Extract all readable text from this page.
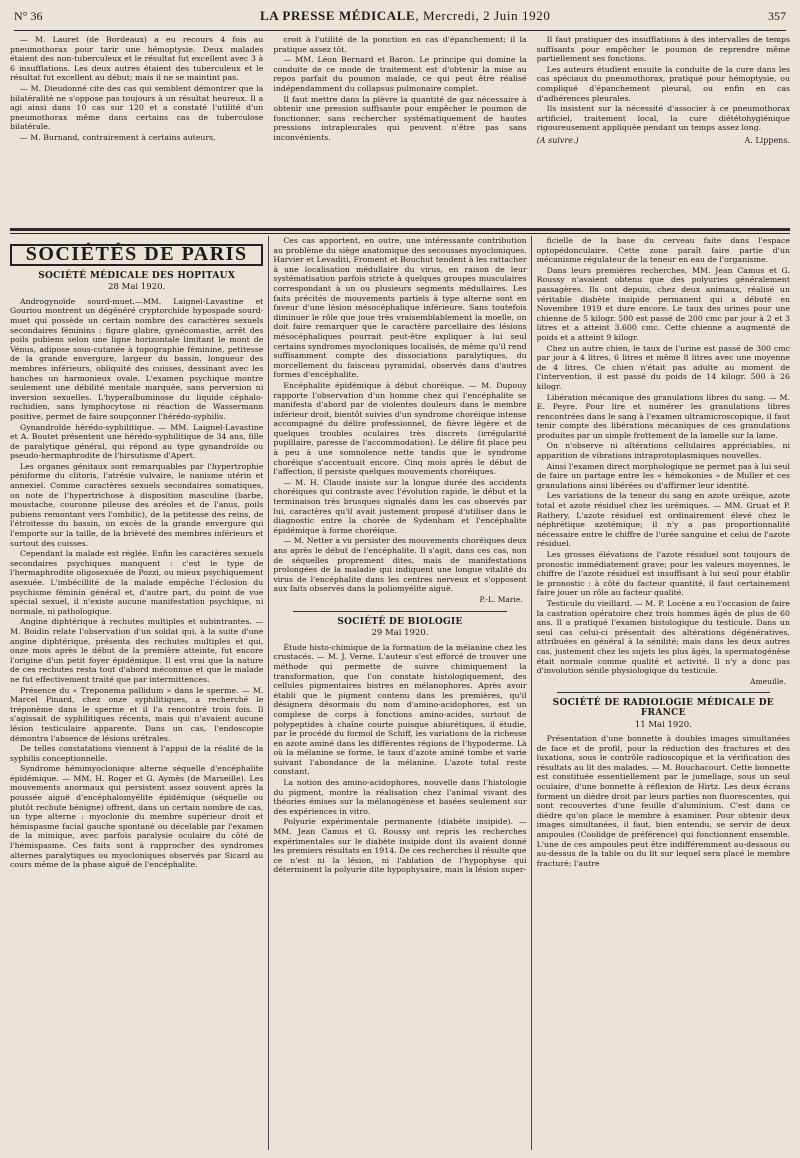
N° 36	LA PRESSE MÉDICALE, Mercredi, 2 Juin 1920	357

— M. Lauret (de Bordeaux) a eu recours 4 fois au pneumothorax pour tarir une hémoptysie. Deux malades étaient des non-tuberculeux et le résultat fut excellent avec 3 à 6 insufflations. Les deux autres étaient des tuberculeux et le résultat fut excellent au début; mais il ne se maintint pas.

— M. Dieudonné cite des cas qui semblent démontrer que la bilatéralité ne s'oppose pas toujours à un résultat heureux. Il a agi ainsi dans 10 cas sur 120 et a constaté l'utilité d'un pneumothorax même dans certains cas de tuberculose bilatérale.

— M. Burnand, contrairement à certains auteurs,

croit à l'utilité de la ponction en cas d'épanchement; il la pratique assez tôt.

— MM. Léon Bernard et Baron. Le principe qui domine la conduite de ce mode de traitement est d'obtenir la mise au repos parfait du poumon malade, ce qui peut être réalisé indépendamment du collapsus pulmonaire complet.

Il faut mettre dans la plèvre la quantité de gaz nécessaire à obtenir une pression suffisante pour empêcher le poumon de fonctionner, sans rechercher systématiquement de hautes pressions intrapleurales qui peuvent n'être pas sans inconvénients.

Il faut pratiquer des insufflations à des intervalles de temps suffisants pour empêcher le poumon de reprendre même partiellement ses fonctions.

Les auteurs étudient ensuite la conduite de la cure dans les cas spéciaux du pneumothorax, pratiqué pour hémoptysie, ou compliqué d'épanchement pleural, ou enfin en cas d'adhérences pleurales.

Ils insistent sur la nécessité d'associer à ce pneumothorax artificiel, traitement local, la cure diététohygiénique rigoureusement appliquée pendant un temps assez long.

(A suivre.)	A. Lippens.
SOCIÉTÉS DE PARIS
SOCIÉTÉ MÉDICALE DES HOPITAUX
28 Mai 1920.

Androgynoïde sourd-muet.—MM. Laignel-Lavastine et Gouriou montrent un dégénéré cryptorchide hypospade sourd-muet qui possède un certain nombre des caractères sexuels secondaires féminins : figure glabre, gynécomastie, arrêt des poils pubiens selon une ligne horizontale limitant le mont de Vénus, adipose sous-cutanée à topographie féminine, petitesse de la grande envergure, largeur du bassin, longueur des membres inférieurs, obliquité des cuisses, dessinant avec les hanches un harmonieux ovale. L'examen psychique montre seulement une débilité mentale marquée, sans perversion ni inversion sexuelles. L'hyperalbuminose du liquide céphalo-rachidien, sans lymphocytose ni réaction de Wassermann positive, permet de faire soupçonner l'hérédo-syphilis.

Gynandroïde hérédo-syphilitique. — MM. Laignel-Lavastine et A. Boutet présentent une hérédo-syphilitique de 34 ans, fille de paralytique général, qui répond au type gynandroïde ou pseudo-hermaphrodite de l'hirsutisme d'Apert.

Les organes génitaux sont remarquables par l'hypertrophie péniforme du clitoris, l'atrésie vulvaire, le nanisme utérin et annexiel. Comme caractères sexuels secondaires somatiques, on note de l'hypertrichose à disposition masculine (barbe, moustache, couronne pileuse des aréoles et de l'anus, poils pubiens remontant vers l'ombilic), de la petitesse des reins, de l'étroitesse du bassin, un excès de la grande envergure qui l'emporte sur la taille, de la brièveté des membres inférieurs et surtout des cuisses.

Cependant la malade est réglée. Enfin les caractères sexuels secondaires psychiques manquent : c'est le type de l'hermaphrodite oligosexuée de Pozzi, ou mieux psychiquement asexuée. L'imbécillité de la malade empêche l'éclosion du psychisme féminin général et, d'autre part, du point de vue spécial sexuel, il n'existe aucune manifestation psychique, ni normale, ni pathologique.

Angine diphtérique à rechutes multiples et subintrantes. — M. Boidin relate l'observation d'un soldat qui, à la suite d'une angine diphtérique, présenta des rechutes multiples et qui, onze mois après le début de la première atteinte, fut encore l'origine d'un petit foyer épidémique. Il est vrai que la nature de ces rechutes resta tout d'abord méconnue et que le malade ne fut effectivement traité que par intermittences.

Présence du « Treponema pallidum » dans le sperme. — M. Marcel Pinard, chez onze syphilitiques, a recherché le tréponème dans le sperme et il l'a rencontré trois fois. Il s'agissait de syphilitiques récents, mais qui n'avaient aucune lésion testiculaire apparente. Dans un cas, l'endoscopie démontra l'absence de lésions urétrales.

De telles constatations viennent à l'appui de la réalité de la syphilis conceptionnelle.

Syndrome hémimyoclonique alterne séquelle d'encéphalite épidémique. — MM. H. Roger et G. Aymès (de Marseille). Les mouvements anormaux qui persistent assez souvent après la poussée aiguë d'encéphalomyélite épidémique (séquelle ou plutôt rechute bénigne) offrent, dans un certain nombre de cas, un type alterne : myoclonie du membre supérieur droit et hémispasme facial gauche spontané ou décelable par l'examen de la mimique, avec parfois paralysie oculaire du côté de l'hémispasme. Ces faits sont à rapprocher des syndromes alternes paralytiques ou myocloniques observés par Sicard au cours même de la phase aiguë de l'encéphalite.

Ces cas apportent, en outre, une intéressante contribution au problème du siège anatomique des secousses myocloniques. Harvier et Levaditi, Froment et Bouchut tendent à les rattacher à une localisation médullaire du virus, en raison de leur systématisation parfois stricte à quelques groupes musculaires correspondant à un ou plusieurs segments médullaires. Les faits précités de mouvements partiels à type alterne sont en faveur d'une lésion mésocéphalique inférieure. Sans toutefois diminuer le rôle que joue très vraisemblablement la moelle, on doit faire remarquer que le caractère parcellaire des lésions mésocéphaliques pourrait peut-être expliquer à lui seul certains syndromes myocloniques localisés, de même qu'il rend suffisamment compte des dissociations paralytiques, du morcellement du faisceau pyramidal, observés dans d'autres formes d'encéphalite.

Encéphalite épidémique à début choréique. — M. Dupouy rapporte l'observation d'un homme chez qui l'encéphalite se manifesta d'abord par de violentes douleurs dans le membre inférieur droit, bientôt suivies d'un syndrome choréique intense accompagné du délire professionnel, de fièvre légère et de quelques troubles oculaires très discrets (irrégularité pupillaire, paresse de l'accommodation). Le délire fit place peu à peu à une somnolence nette tandis que le syndrome choréique s'accentuait encore. Cinq mois après le début de l'affection, il persiste quelques mouvements choréiques.

— M. H. Claude insiste sur la longue durée des accidents choréiques qui contraste avec l'évolution rapide, le début et la terminaison très brusques signalés dans les cas observés par lui, caractères qu'il avait justement proposé d'utiliser dans le diagnostic entre la chorée de Sydenham et l'encéphalite épidémique à forme choréique.

— M. Netter a vu persister des mouvements choréiques deux ans après le début de l'encéphalite. Il s'agit, dans ces cas, non de séquelles proprement dites, mais de manifestations prolongées de la maladie qui indiquent une longue vitalité du virus de l'encéphalite dans les centres nerveux et s'opposent aux faits observés dans la poliomyélite aiguë.

P.-L. Marie.
SOCIÉTÉ DE BIOLOGIE
29 Mai 1920.

Étude histo-chimique de la formation de la mélanine chez les crustacés. — M. J. Verne. L'auteur s'est efforcé de trouver une méthode qui permette de suivre chimiquement la transformation, que l'on constate histologiquement, des cellules pigmentaires bistres en mélanophores. Après avoir établi que le pigment contenu dans les premières, qu'il désignera désormais du nom d'amino-acidophores, est un complexe de corps à fonctions amino-acides, surtout de polypeptides à chaîne courte puisque abiurétiques, il étudie, par le procédé du formol de Schiff, les variations de la richesse en azote aminé dans les différentes régions de l'hypoderme. Là où la mélanine se forme, le taux d'azote aminé tombe et varie suivant l'abondance de la mélanine. L'azote total reste constant.

La notion des amino-acidophores, nouvelle dans l'histologie du pigment, montre la réalisation chez l'animal vivant des théories émises sur la mélanogénèse et basées seulement sur des expériences in vitro.

Polyurie expérimentale permanente (diabète insipide). — MM. Jean Camus et G. Roussy ont repris les recherches expérimentales sur le diabète insipide dont ils avaient donné les premiers résultats en 1914. De ces recherches il résulte que ce n'est ni la lésion, ni l'ablation de l'hypophyse qui déterminent la polyurie dite hypophysaire, mais la lésion super-

ficielle de la base du cerveau faite dans l'espace optopédonculaire. Cette zone paraît faire partie d'un mécanisme régulateur de la teneur en eau de l'organisme.

Dans leurs premières recherches, MM. Jean Camus et G. Roussy n'avaient obtenu que des polyuries généralement passagères. Ils ont depuis, chez deux animaux, réalisé un véritable diabète insipide permanent qui a débuté en Novembre 1919 et dure encore. Le taux des urines pour une chienne de 5 kilogr. 500 est passé de 200 cmc par jour à 2 et 3 litres et a atteint 3.600 cmc. Cette chienne a augmenté de poids et a atteint 9 kilogr.

Chez un autre chien, le taux de l'urine est passé de 300 cmc par jour à 4 litres, 6 litres et même 8 litres avec une moyenne de 4 litres. Ce chien n'était pas adulte au moment de l'intervention, il est passé du poids de 14 kilogr. 500 à 26 kilogr.

Libération mécanique des granulations libres du sang. — M. E. Peyre. Pour lire et numérer les granulations libres rencontrées dans le sang à l'examen ultramicroscopique, il faut tenir compte des libérations mécaniques de ces granulations produites par un simple frottement de la lamelle sur la lame.

On n'observe ni altérations cellulaires appréciables, ni apparition de vibrations intraprotoplasmiques nouvelles.

Ainsi l'examen direct morphologique ne permet pas à lui seul de faire un partage entre les « hémokonies » de Muller et ces granulations ainsi libérées ou d'affirmer leur identité.

Les variations de la teneur du sang en azote uréique, azote total et azote résiduel chez les urémiques. — MM. Gruat et P. Rathery. L'azote résiduel est ordinairement élevé chez le néphrétique azotémique; il n'y a pas proportionnalité nécessaire entre le chiffre de l'urée sanguine et celui de l'azote résiduel.

Les grosses élévations de l'azote résiduel sont toujours de pronostic immédiatement grave; pour les valeurs moyennes, le chiffre de l'azote résiduel est insuffisant à lui seul pour établir le pronostic : à côté du facteur quantité, il faut certainement faire jouer un rôle au facteur qualité.

Testicule du vieillard. — M. P. Locène a eu l'occasion de faire la castration opératoire chez trois hommes âgés de plus de 60 ans. Il a pratiqué l'examen histologique du testicule. Dans un seul cas celui-ci présentait des altérations dégénératives, attribuées en général à la sénilité; mais dans les deux autres cas, justement chez les sujets les plus âgés, la spermatogénèse était normale comme qualité et activité. Il n'y a donc pas d'involution sénile physiologique du testicule.

Ameuille.
SOCIÉTÉ DE RADIOLOGIE MÉDICALE DE FRANCE
11 Mai 1920.

Présentation d'une bonnette à doubles images simultanées de face et de profil, pour la réduction des fractures et des luxations, sous le contrôle radioscopique et la vérification des résultats au lit des malades. — M. Bouchacourt. Cette bonnette est constituée essentiellement par le jumellage, sous un seul oculaire, d'une bonnette à réflexion de Hirtz. Les deux écrans forment un dièdre droit par leurs parties non fluorescentes, qui sont recouvertes d'une feuille d'aluminium. C'est dans ce dièdre qu'on place le membre à examiner. Pour obtenir deux images simultanées, il faut, bien entendu, se servir de deux ampoules (Coolidge de préférence) qui fonctionnent ensemble. L'une de ces ampoules peut être indifféremment au-dessous ou au-dessus de la table ou du lit sur lequel sera placé le membre fracturé; l'autre
